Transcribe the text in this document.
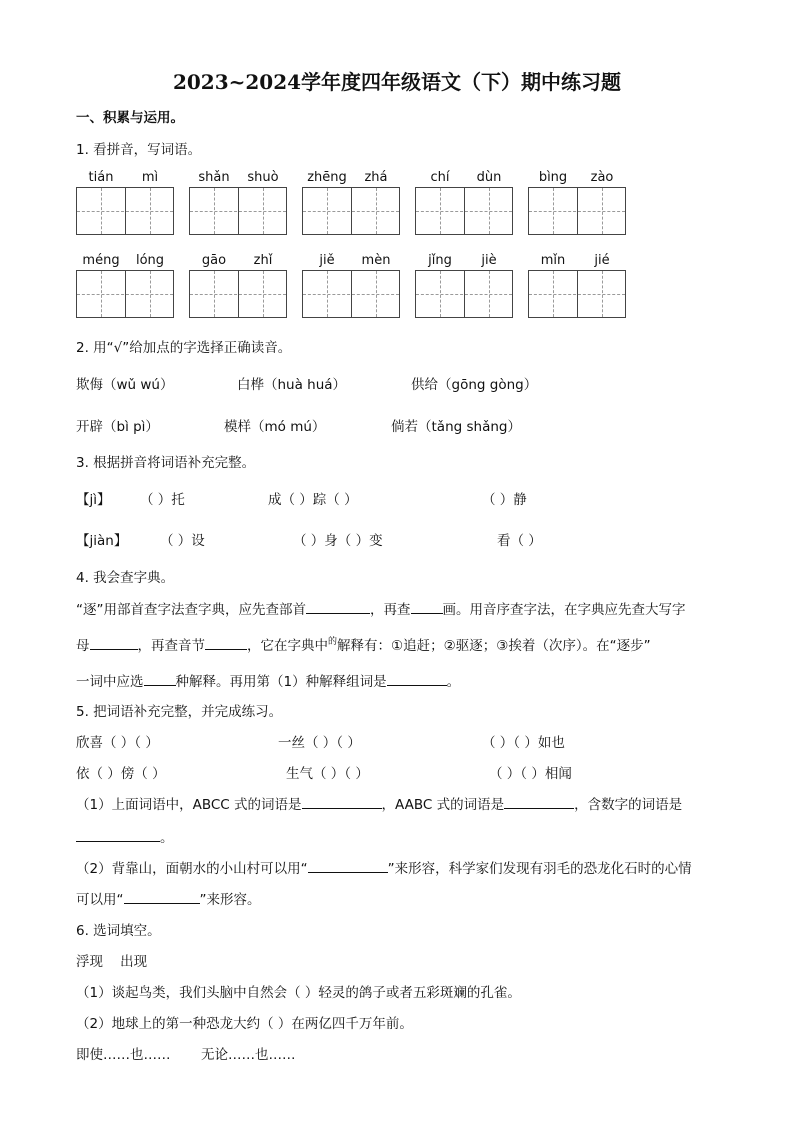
2023~2024学年度四年级语文（下）期中练习题
一、积累与运用。
1. 看拼音，写词语。
tián	mì	shǎn	shuò	zhēng	zhá	chí	dùn	bìng	zào
méng	lóng	gāo	zhǐ	jiě	mèn	jǐng	jiè	mǐn	jié
2. 用“√”给加点的字选择正确读音。
欺侮（wǔ wú）	白桦（huà huá）	供给（gōng gòng）
开辟（bì pì）	模样（mó mú）	倘若（tǎng shǎng）
3. 根据拼音将词语补充完整。
【jì】 （ ）托	成（ ）踪（ ）	（ ）静
【jiàn】 （ ）设	（ ）身（ ）变	看（ ）
4. 我会查字典。
“逐”用部首查字法查字典，应先查部首	，再查 画。用音序查字法，在字典应先查大写字
母	，再查音节	，它在字典中$^的$解释有：①追赶；②驱逐；③挨着（次序）。在“逐步”
一词中应选 种解释。再用第（1）种解释组词是	。
5. 把词语补充完整，并完成练习。
欣喜（ ）（ ）	一丝（ ）（ ）	（ ）（ ）如也
依（ ）傍（ ）	生气（ ）（ ）	（ ）（ ）相闻
（1）上面词语中，ABCC 式的词语是	，AABC 式的词语是	，含数字的词语是
。
（2）背靠山，面朝水的小山村可以用“	”来形容，科学家们发现有羽毛的恐龙化石时的心情
可以用“	”来形容。
6. 选词填空。
浮现    出现
（1）谈起鸟类，我们头脑中自然会（ ）轻灵的鸽子或者五彩斑斓的孔雀。
（2）地球上的第一种恐龙大约（ ）在两亿四千万年前。
即使……也…… 无论……也……
